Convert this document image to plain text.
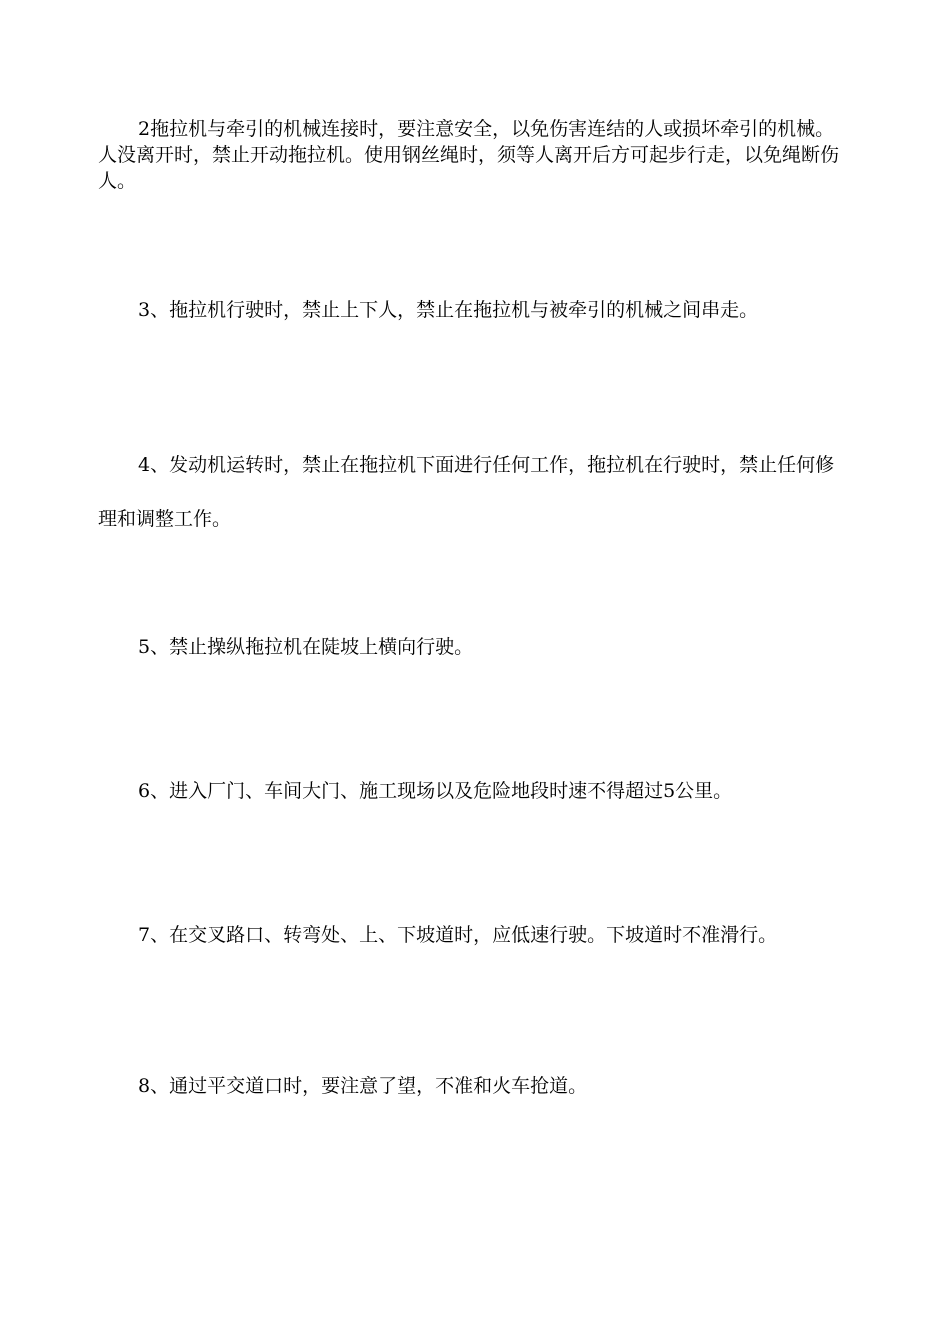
2拖拉机与牵引的机械连接时，要注意安全，以免伤害连结的人或损坏牵引的机械。人没离开时，禁止开动拖拉机。使用钢丝绳时，须等人离开后方可起步行走，以免绳断伤人。

3、拖拉机行驶时，禁止上下人，禁止在拖拉机与被牵引的机械之间串走。

4、发动机运转时，禁止在拖拉机下面进行任何工作，拖拉机在行驶时，禁止任何修理和调整工作。

5、禁止操纵拖拉机在陡坡上横向行驶。

6、进入厂门、车间大门、施工现场以及危险地段时速不得超过5公里。

7、在交叉路口、转弯处、上、下坡道时，应低速行驶。下坡道时不准滑行。

8、通过平交道口时，要注意了望，不准和火车抢道。
